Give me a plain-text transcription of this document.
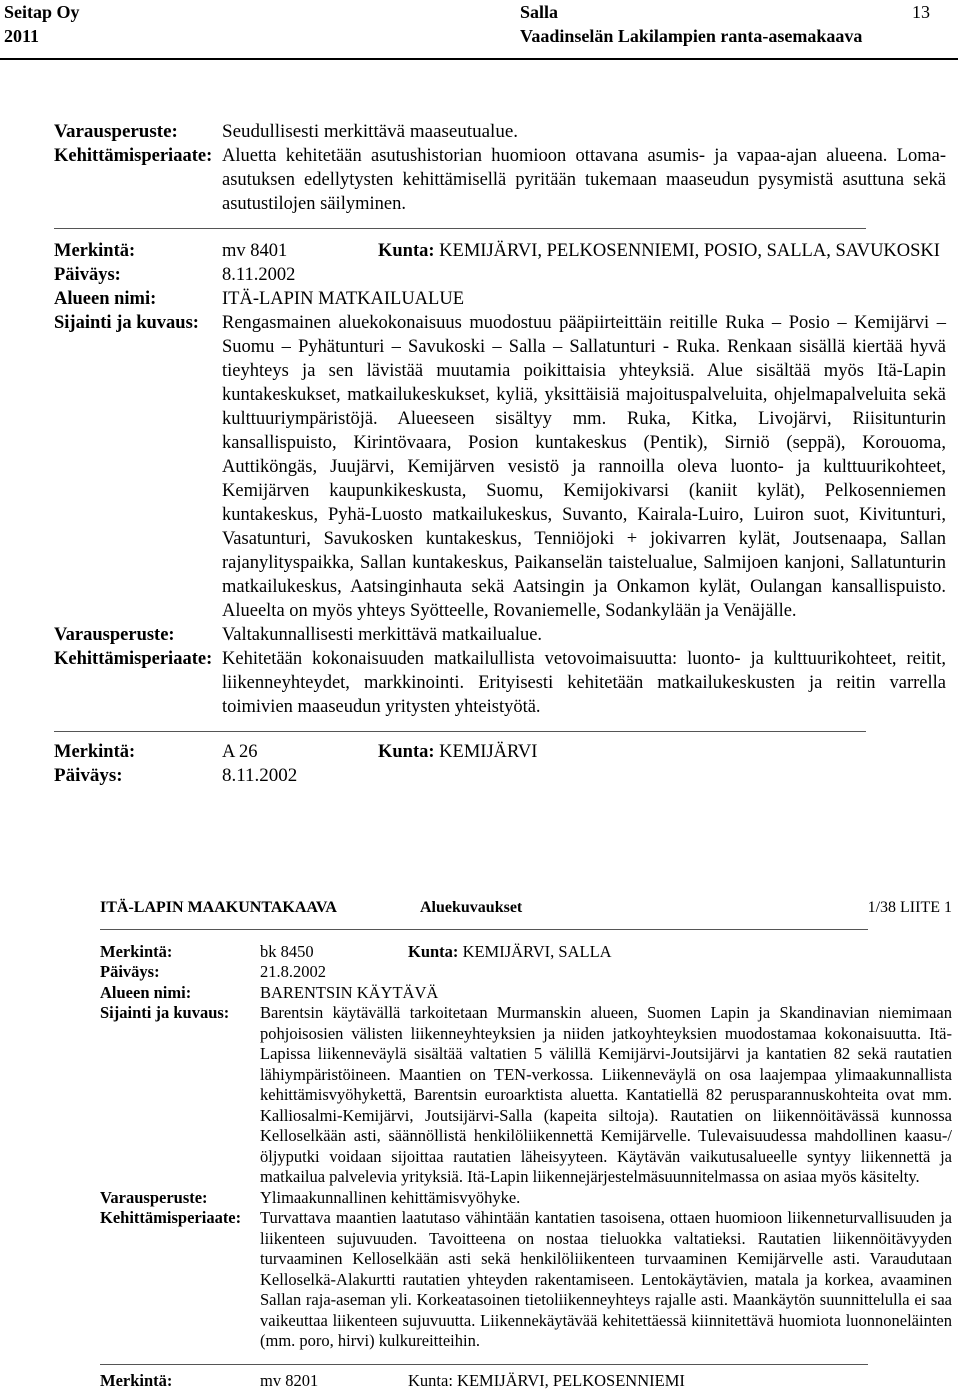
Seitap Oy
2011
Salla
Vaadinselän Lakilampien ranta-asemakaava
13
Varausperuste: Seudullisesti merkittävä maaseutualue.
Kehittämisperiaate: Aluetta kehitetään asutushistorian huomioon ottavana asumis- ja vapaa-ajan alueena. Loma-asutuksen edellytysten kehittämisellä pyritään tukemaan maaseudun pysymistä asuttuna sekä asutustilojen säilyminen.
Merkintä:	mv 8401	Kunta:
KEMIJÄRVI, PELKOSENNIEMI, POSIO, SALLA, SAVUKOSKI
Päiväys:	8.11.2002
Alueen nimi:	ITÄ-LAPIN MATKAILUALUE
Sijainti ja kuvaus:	Rengasmainen aluekokonaisuus muodostuu pääpiirteittäin reitille Ruka – Posio – Kemijärvi – Suomu – Pyhätunturi – Savukoski – Salla – Sallatunturi - Ruka. Renkaan sisällä kiertää hyvä tieyhteys ja sen lävistää muutamia poikittaisia yhteyksiä. Alue sisältää myös Itä-Lapin kuntakeskukset, matkailukeskukset, kyliä, yksittäisiä majoituspalveluita, ohjelmapalveluita sekä kulttuuriympäristöjä. Alueeseen sisältyy mm. Ruka, Kitka, Livojärvi, Riisitunturin kansallispuisto, Kirintövaara, Posion kuntakeskus (Pentik), Sirniö (seppä), Korouoma, Auttiköngäs, Juujärvi, Kemijärven vesistö ja rannoilla oleva luonto- ja kulttuurikohteet, Kemijärven kaupunkikeskusta, Suomu, Kemijokivarsi (kaniit kylät), Pelkosenniemen kuntakeskus, Pyhä-Luosto matkailukeskus, Suvanto, Kairala-Luiro, Luiron suot, Kivitunturi, Vasatunturi, Savukosken kuntakeskus, Tenniöjoki + jokivarren kylät, Joutsenaapa, Sallan rajanylityspaikka, Sallan kuntakeskus, Paikanselän taistelualue, Salmijoen kanjoni, Sallatunturin matkailukeskus, Aatsinginhauta sekä Aatsingin ja Onkamon kylät, Oulangan kansallispuisto. Alueelta on myös yhteys Syötteelle, Rovaniemelle, Sodankylään ja Venäjälle.
Varausperuste:	Valtakunnallisesti merkittävä matkailualue.
Kehittämisperiaate: Kehitetään kokonaisuuden matkailullista vetovoimaisuutta: luonto- ja kulttuurikohteet, reitit, liikenneyhteydet, markkinointi. Erityisesti kehitetään matkailukeskusten ja reitin varrella toimivien maaseudun yritysten yhteistyötä.
Merkintä:	A 26	Kunta:
KEMIJÄRVI
Päiväys:	8.11.2002
ITÄ-LAPIN MAAKUNTAKAAVA	Aluekuvaukset	1/38 LIITE 1
Merkintä:	bk 8450	Kunta:
KEMIJÄRVI, SALLA
Päiväys:	21.8.2002
Alueen nimi:	BARENTSIN KÄYTÄVÄ
Sijainti ja kuvaus:	Barentsin käytävällä tarkoitetaan Murmanskin alueen, Suomen Lapin ja Skandinavian niemimaan pohjoisosien välisten liikenneyhteyksien ja niiden jatkoyhteyksien muodostamaa kokonaisuutta. Itä-Lapissa liikenneväylä sisältää valtatien 5 välillä Kemijärvi-Joutsijärvi ja kantatien 82 sekä rautatien lähiympäristöineen. Maantien on TEN-verkossa. Liikenneväylä on osa laajempaa ylimaakunnallista kehittämisvyöhykettä, Barentsin euroarktista aluetta. Kantatiellä 82 perusparannuskohteita ovat mm. Kalliosalmi-Kemijärvi, Joutsijärvi-Salla (kapeita siltoja). Rautatien on liikennöitävässä kunnossa Kelloselkään asti, säännöllistä henkilöliikennettä Kemijärvelle. Tulevaisuudessa mahdollinen kaasu-/öljyputki voidaan sijoittaa rautatien läheisyyteen. Käytävän vaikutusalueelle syntyy liikennettä ja matkailua palvelevia yrityksiä. Itä-Lapin liikennejärjestelmäsuunnitelmassa on asiaa myös käsitelty.
Varausperuste:	Ylimaakunnallinen kehittämisvyöhyke.
Kehittämisperiaate:	Turvattava maantien laatutaso vähintään kantatien tasoisena, ottaen huomioon liikenneturvallisuuden ja liikenteen sujuvuuden. Tavoitteena on nostaa tieluokka valtatieksi. Rautatien liikennöitävyyden turvaaminen Kelloselkään asti sekä henkilöliikenteen turvaaminen Kemijärvelle asti. Varaudutaan Kelloselkä-Alakurtti rautatien yhteyden rakentamiseen. Lentokäytävien, matala ja korkea, avaaminen Sallan raja-aseman yli. Korkeatasoinen tietoliikenneyhteys rajalle asti. Maankäytön suunnittelulla ei saa vaikeuttaa liikenteen sujuvuutta. Liikennekäytävää kehitettäessä kiinnitettävä huomiota luonnoneläinten (mm. poro, hirvi) kulkureitteihin.
Merkintä:	mv 8201	Kunta: KEMIJÄRVI, PELKOSENNIEMI
